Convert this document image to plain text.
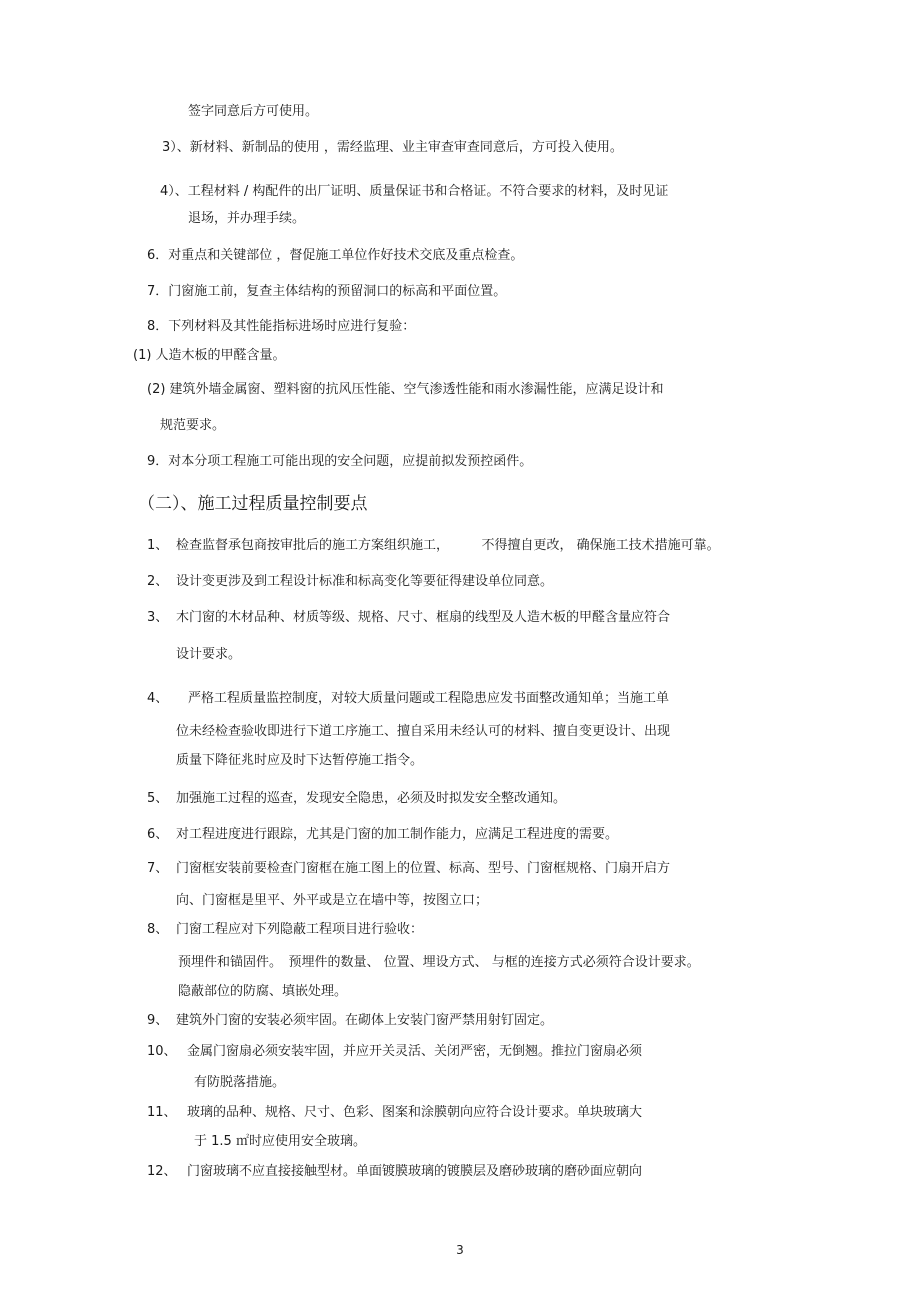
签字同意后方可使用。
3）、新材料、新制品的使用 ，需经监理、业主审查审查同意后，方可投入使用。
4）、工程材料 / 构配件的出厂证明、质量保证书和合格证。不符合要求的材料，及时见证
退场，并办理手续。
6．对重点和关键部位 ，督促施工单位作好技术交底及重点检查。
7．门窗施工前，复查主体结构的预留洞口的标高和平面位置。
8．下列材料及其性能指标进场时应进行复验：
(1) 人造木板的甲醛含量。
(2) 建筑外墙金属窗、塑料窗的抗风压性能、空气渗透性能和雨水渗漏性能，应满足设计和
规范要求。
9．对本分项工程施工可能出现的安全问题，应提前拟发预控函件。
（二）、施工过程质量控制要点
1、 检查监督承包商按审批后的施工方案组织施工，　　　不得擅自更改， 确保施工技术措施可靠。
2、 设计变更涉及到工程设计标准和标高变化等要征得建设单位同意。
3、 木门窗的木材品种、材质等级、规格、尺寸、框扇的线型及人造木板的甲醛含量应符合
设计要求。
4、 严格工程质量监控制度，对较大质量问题或工程隐患应发书面整改通知单；当施工单
位未经检查验收即进行下道工序施工、擅自采用未经认可的材料、擅自变更设计、出现
质量下降征兆时应及时下达暂停施工指令。
5、 加强施工过程的巡查，发现安全隐患，必须及时拟发安全整改通知。
6、 对工程进度进行跟踪，尤其是门窗的加工制作能力，应满足工程进度的需要。
7、 门窗框安装前要检查门窗框在施工图上的位置、标高、型号、门窗框规格、门扇开启方
向、门窗框是里平、外平或是立在墙中等，按图立口；
8、 门窗工程应对下列隐蔽工程项目进行验收：
预埋件和锚固件。　预埋件的数量、 位置、埋设方式、 与框的连接方式必须符合设计要求。
隐蔽部位的防腐、填嵌处理。
9、 建筑外门窗的安装必须牢固。在砌体上安装门窗严禁用射钉固定。
10、 金属门窗扇必须安装牢固，并应开关灵活、关闭严密，无倒翘。推拉门窗扇必须
有防脱落措施。
11、 玻璃的品种、规格、尺寸、色彩、图案和涂膜朝向应符合设计要求。单块玻璃大
于 1.5 ㎡时应使用安全玻璃。
12、 门窗玻璃不应直接接触型材。单面镀膜玻璃的镀膜层及磨砂玻璃的磨砂面应朝向
3
